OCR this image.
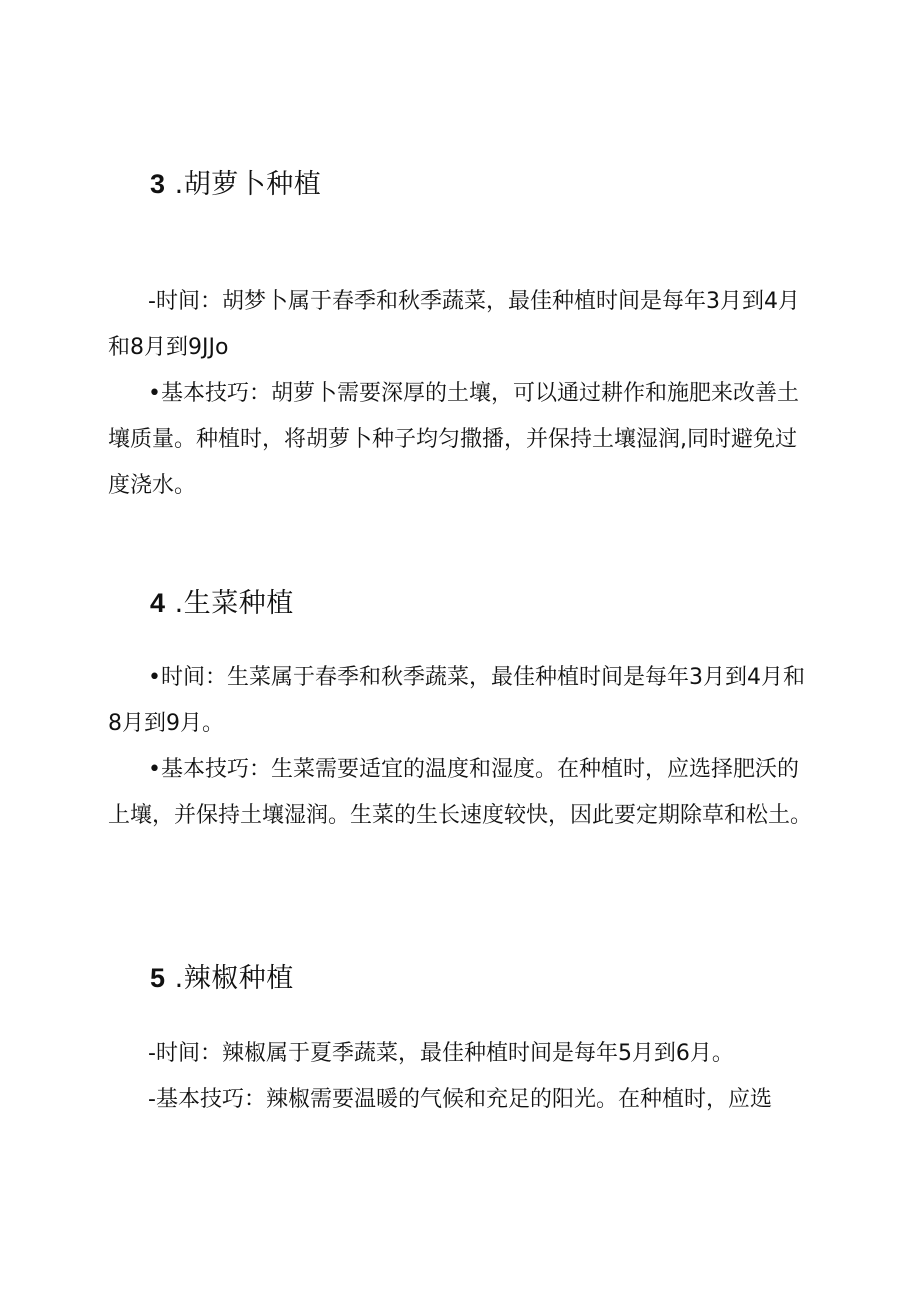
3 .胡萝卜种植

-时间：胡梦卜属于春季和秋季蔬菜，最佳种植时间是每年3月到4月和8月到9JJo

•基本技巧：胡萝卜需要深厚的土壤，可以通过耕作和施肥来改善土壤质量。种植时，将胡萝卜种子均匀撒播，并保持土壤湿润,同时避免过度浇水。

4 .生菜种植

•时间：生菜属于春季和秋季蔬菜，最佳种植时间是每年3月到4月和8月到9月。

•基本技巧：生菜需要适宜的温度和湿度。在种植时，应选择肥沃的上壤，并保持土壤湿润。生菜的生长速度较快，因此要定期除草和松土。

5 .辣椒种植

-时间：辣椒属于夏季蔬菜，最佳种植时间是每年5月到6月。

-基本技巧：辣椒需要温暖的气候和充足的阳光。在种植时，应选
